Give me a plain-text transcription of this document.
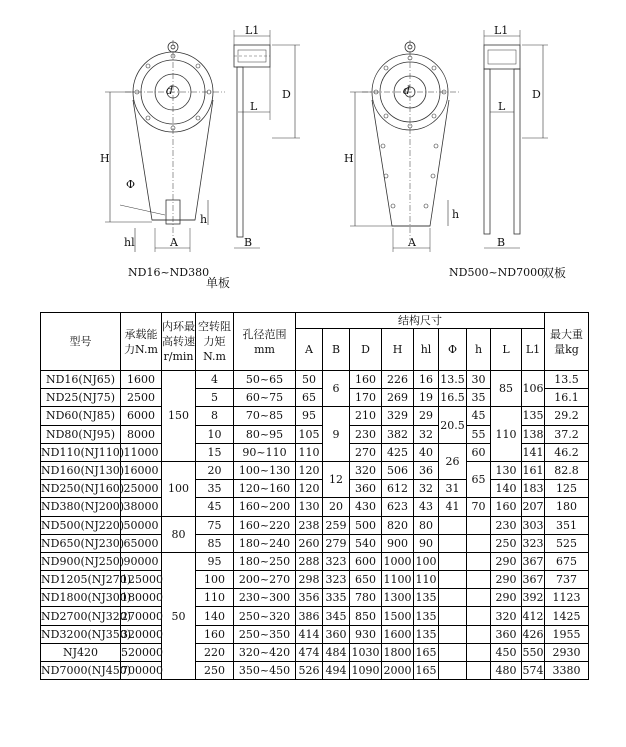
L1
L
D
d
H
Φ
h
hl	A	B
ND16~ND380
单板
L1
L
D
d
H
h
A	B
ND500~ND7000
双板
型号	承载能力N.m	内环最高转速r/min	空转阻力矩N.m	孔径范围mm	结构尺寸									最大重量kg
					A	B	D	H	hl	Φ	h	L	L1	
ND16(NJ65)	1600	150	4	50~65	50	6	160	226	16	13.5	30	85	106	13.5
ND25(NJ75)	2500		5	60~75	65		170	269	19	16.5	35			16.1
ND60(NJ85)	6000		8	70~85	95	9	210	329	29	20.5	45	110	135	29.2
ND80(NJ95)	8000		10	80~95	105		230	382	32		55		138	37.2
ND110(NJ110)	11000		15	90~110	110		270	425	40	26	60		141	46.2
ND160(NJ130)	16000	100	20	100~130	120	12	320	506	36		65	130	161	82.8
ND250(NJ160)	25000		35	120~160	120		360	612	32	31		140	183	125
ND380(NJ200)	38000		45	160~200	130	20	430	623	43	41	70	160	207	180
ND500(NJ220)	50000	80	75	160~220	238	259	500	820	80			230	303	351
ND650(NJ230)	65000		85	180~240	260	279	540	900	90			250	323	525
ND900(NJ250)	90000	50	95	180~250	288	323	600	1000	100			290	367	675
ND1205(NJ270)	125000		100	200~270	298	323	650	1100	110			290	367	737
ND1800(NJ300)	180000		110	230~300	356	335	780	1300	135			290	392	1123
ND2700(NJ320)	270000		140	250~320	386	345	850	1500	135			320	412	1425
ND3200(NJ350)	320000		160	250~350	414	360	930	1600	135			360	426	1955
NJ420	520000		220	320~420	474	484	1030	1800	165			450	550	2930
ND7000(NJ450)	700000		250	350~450	526	494	1090	2000	165			480	574	3380
